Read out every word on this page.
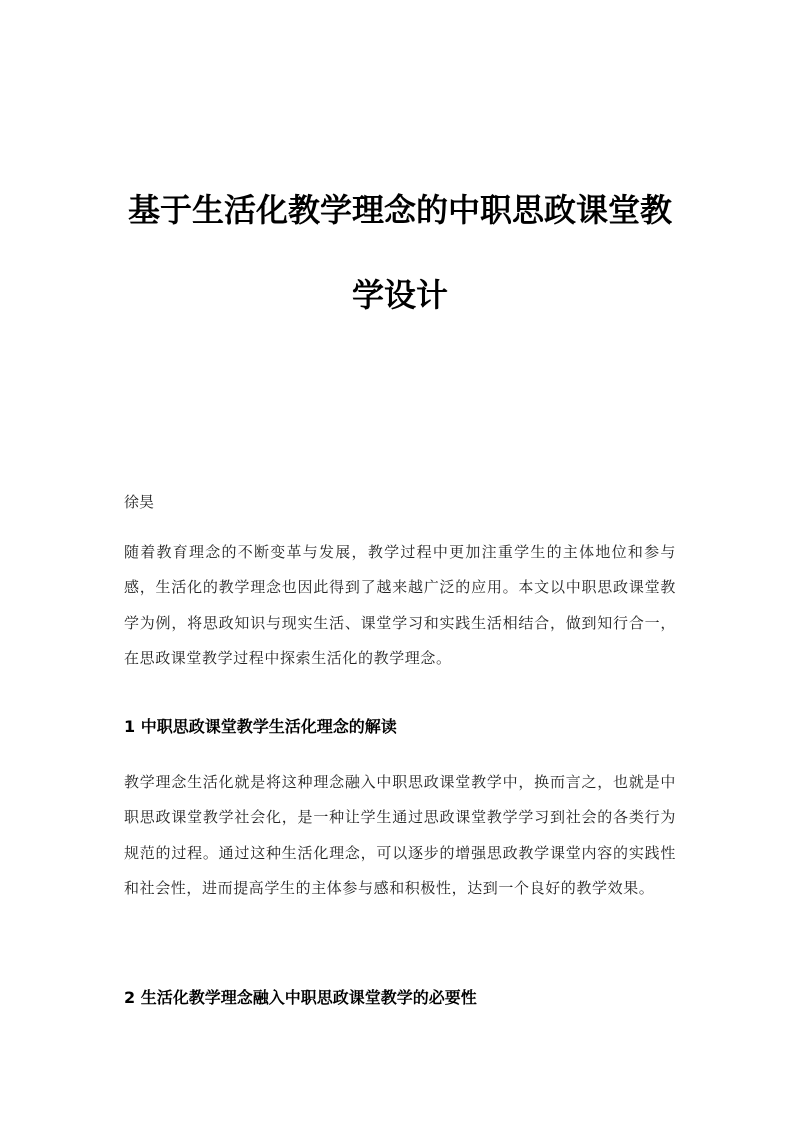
基于生活化教学理念的中职思政课堂教
学设计
徐昊
随着教育理念的不断变革与发展，教学过程中更加注重学生的主体地位和参与感，生活化的教学理念也因此得到了越来越广泛的应用。本文以中职思政课堂教学为例，将思政知识与现实生活、课堂学习和实践生活相结合，做到知行合一，在思政课堂教学过程中探索生活化的教学理念。
1 中职思政课堂教学生活化理念的解读
教学理念生活化就是将这种理念融入中职思政课堂教学中，换而言之，也就是中职思政课堂教学社会化，是一种让学生通过思政课堂教学学习到社会的各类行为规范的过程。通过这种生活化理念，可以逐步的增强思政教学课堂内容的实践性和社会性，进而提高学生的主体参与感和积极性，达到一个良好的教学效果。
2 生活化教学理念融入中职思政课堂教学的必要性
